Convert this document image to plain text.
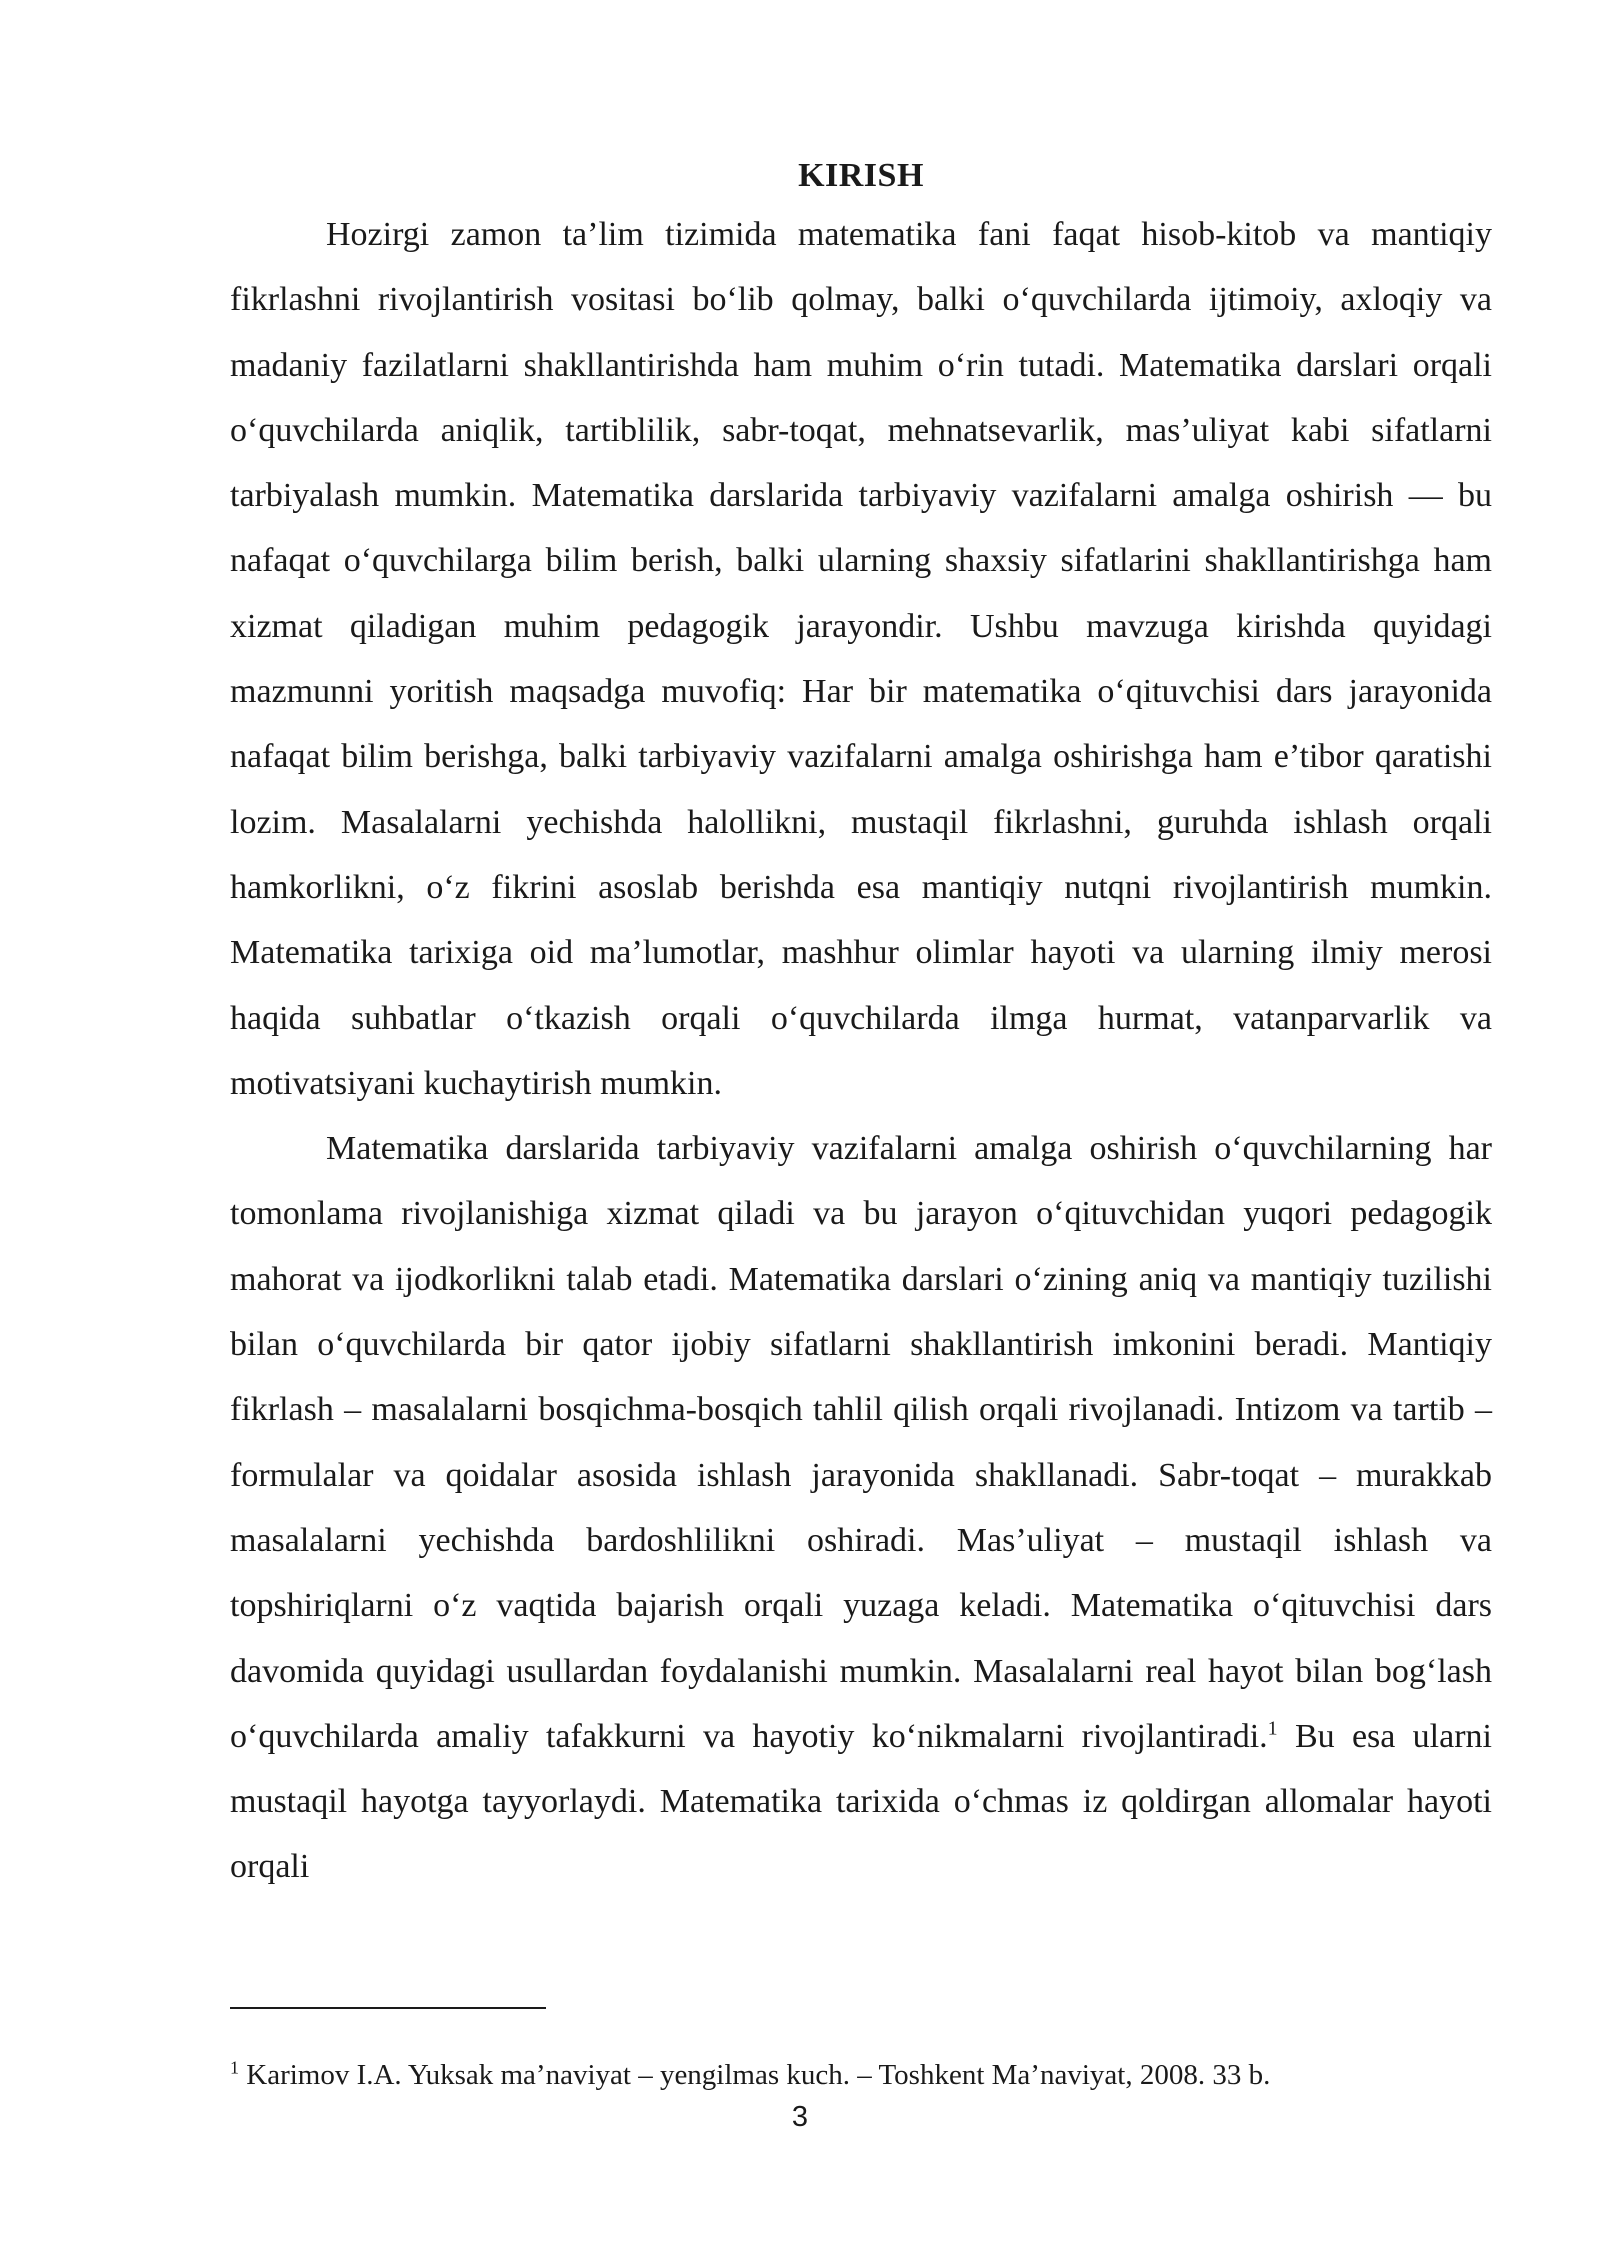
KIRISH

Hozirgi zamon ta’lim tizimida matematika fani faqat hisob-kitob va mantiqiy fikrlashni rivojlantirish vositasi bo‘lib qolmay, balki o‘quvchilarda ijtimoiy, axloqiy va madaniy fazilatlarni shakllantirishda ham muhim o‘rin tutadi. Matematika darslari orqali o‘quvchilarda aniqlik, tartiblilik, sabr-toqat, mehnatsevarlik, mas’uliyat kabi sifatlarni tarbiyalash mumkin. Matematika darslarida tarbiyaviy vazifalarni amalga oshirish — bu nafaqat o‘quvchilarga bilim berish, balki ularning shaxsiy sifatlarini shakllantirishga ham xizmat qiladigan muhim pedagogik jarayondir. Ushbu mavzuga kirishda quyidagi mazmunni yoritish maqsadga muvofiq: Har bir matematika o‘qituvchisi dars jarayonida nafaqat bilim berishga, balki tarbiyaviy vazifalarni amalga oshirishga ham e’tibor qaratishi lozim. Masalalarni yechishda halollikni, mustaqil fikrlashni, guruhda ishlash orqali hamkorlikni, o‘z fikrini asoslab berishda esa mantiqiy nutqni rivojlantirish mumkin. Matematika tarixiga oid ma’lumotlar, mashhur olimlar hayoti va ularning ilmiy merosi haqida suhbatlar o‘tkazish orqali o‘quvchilarda ilmga hurmat, vatanparvarlik va motivatsiyani kuchaytirish mumkin.

Matematika darslarida tarbiyaviy vazifalarni amalga oshirish o‘quvchilarning har tomonlama rivojlanishiga xizmat qiladi va bu jarayon o‘qituvchidan yuqori pedagogik mahorat va ijodkorlikni talab etadi. Matematika darslari o‘zining aniq va mantiqiy tuzilishi bilan o‘quvchilarda bir qator ijobiy sifatlarni shakllantirish imkonini beradi. Mantiqiy fikrlash – masalalarni bosqichma-bosqich tahlil qilish orqali rivojlanadi. Intizom va tartib – formulalar va qoidalar asosida ishlash jarayonida shakllanadi. Sabr-toqat – murakkab masalalarni yechishda bardoshlilikni oshiradi. Mas’uliyat – mustaqil ishlash va topshiriqlarni o‘z vaqtida bajarish orqali yuzaga keladi. Matematika o‘qituvchisi dars davomida quyidagi usullardan foydalanishi mumkin. Masalalarni real hayot bilan bog‘lash o‘quvchilarda amaliy tafakkurni va hayotiy ko‘nikmalarni rivojlantiradi.$^1$ Bu esa ularni mustaqil hayotga tayyorlaydi. Matematika tarixida o‘chmas iz qoldirgan allomalar hayoti orqali

$^1$ Karimov I.A. Yuksak ma’naviyat – yengilmas kuch. – Toshkent Ma’naviyat, 2008. 33 b.

3
